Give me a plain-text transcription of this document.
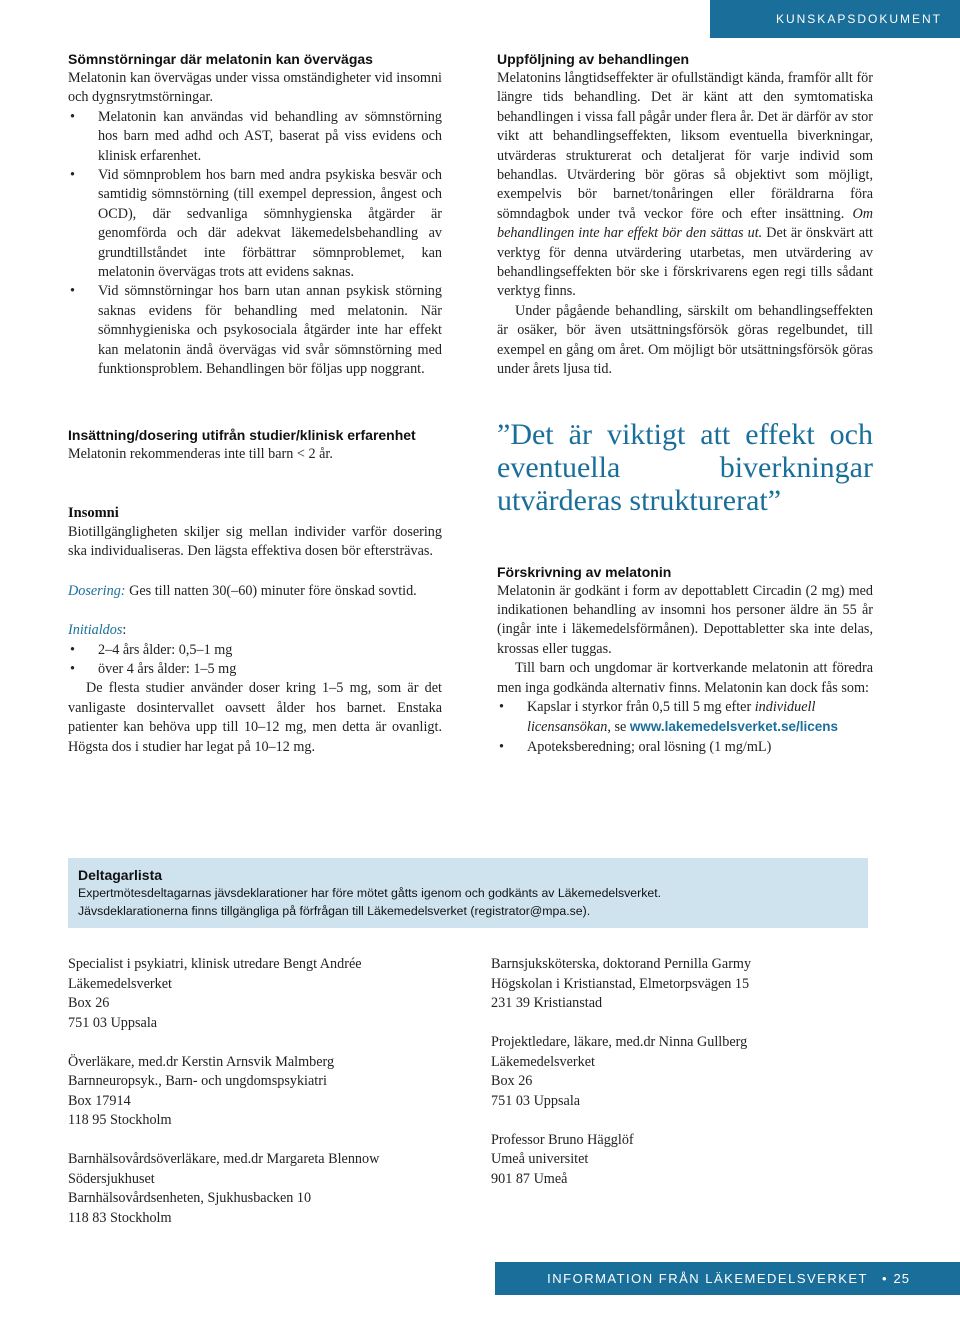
KUNSKAPSDOKUMENT
Sömnstörningar där melatonin kan övervägas

Melatonin kan övervägas under vissa omständigheter vid insomni och dygnsrytmstörningar.

• Melatonin kan användas vid behandling av sömnstörning hos barn med adhd och AST, baserat på viss evidens och klinisk erfarenhet.
• Vid sömnproblem hos barn med andra psykiska besvär och samtidig sömnstörning (till exempel depression, ångest och OCD), där sedvanliga sömnhygienska åtgärder är genomförda och där adekvat läkemedelsbehandling av grundtillståndet inte förbättrar sömnproblemet, kan melatonin övervägas trots att evidens saknas.
• Vid sömnstörningar hos barn utan annan psykisk störning saknas evidens för behandling med melatonin. När sömnhygieniska och psykosociala åtgärder inte har effekt kan melatonin ändå övervägas vid svår sömnstörning med funktionsproblem. Behandlingen bör följas upp noggrant.
Insättning/dosering utifrån studier/klinisk erfarenhet

Melatonin rekommenderas inte till barn < 2 år.

Insomni

Biotillgängligheten skiljer sig mellan individer varför dosering ska individualiseras. Den lägsta effektiva dosen bör eftersträvas.

Dosering: Ges till natten 30(–60) minuter före önskad sovtid.

Initialdos:

• 2–4 års ålder: 0,5–1 mg
• över 4 års ålder: 1–5 mg

De flesta studier använder doser kring 1–5 mg, som är det vanligaste dosintervallet oavsett ålder hos barnet. Enstaka patienter kan behöva upp till 10–12 mg, men detta är ovanligt. Högsta dos i studier har legat på 10–12 mg.

Uppföljning av behandlingen

Melatonins långtidseffekter är ofullständigt kända, framför allt för längre tids behandling. Det är känt att den symtomatiska behandlingen i vissa fall pågår under flera år. Det är därför av stor vikt att behandlingseffekten, liksom eventuella biverkningar, utvärderas strukturerat och detaljerat för varje individ som behandlas. Utvärdering bör göras så objektivt som möjligt, exempelvis bör barnet/tonåringen eller föräldrarna föra sömndagbok under två veckor före och efter insättning. Om behandlingen inte har effekt bör den sättas ut. Det är önskvärt att verktyg för denna utvärdering utarbetas, men utvärdering av behandlingseffekten bör ske i förskrivarens egen regi tills sådant verktyg finns.

Under pågående behandling, särskilt om behandlingseffekten är osäker, bör även utsättningsförsök göras regelbundet, till exempel en gång om året. Om möjligt bör utsättningsförsök göras under årets ljusa tid.

”Det är viktigt att effekt och eventuella biverkningar utvärderas strukturerat”

Förskrivning av melatonin

Melatonin är godkänt i form av depottablett Circadin (2 mg) med indikationen behandling av insomni hos personer äldre än 55 år (ingår inte i läkemedelsförmånen). Depottabletter ska inte delas, krossas eller tuggas.

Till barn och ungdomar är kortverkande melatonin att föredra men inga godkända alternativ finns. Melatonin kan dock fås som:

• Kapslar i styrkor från 0,5 till 5 mg efter individuell licensansökan, se www.lakemedelsverket.se/licens
• Apoteksberedning; oral lösning (1 mg/mL)
Deltagarlista
Expertmötesdeltagarnas jävsdeklarationer har före mötet gåtts igenom och godkänts av Läkemedelsverket.
Jävsdeklarationerna finns tillgängliga på förfrågan till Läkemedelsverket (registrator@mpa.se).
Specialist i psykiatri, klinisk utredare Bengt Andrée
Läkemedelsverket
Box 26
751 03 Uppsala
Överläkare, med.dr Kerstin Arnsvik Malmberg
Barnneuropsyk., Barn- och ungdomspsykiatri
Box 17914
118 95 Stockholm
Barnhälsovårdsöverläkare, med.dr Margareta Blennow
Södersjukhuset
Barnhälsovårdsenheten, Sjukhusbacken 10
118 83 Stockholm
Barnsjuksköterska, doktorand Pernilla Garmy
Högskolan i Kristianstad, Elmetorpsvägen 15
231 39 Kristianstad
Projektledare, läkare, med.dr Ninna Gullberg
Läkemedelsverket
Box 26
751 03 Uppsala
Professor Bruno Hägglöf
Umeå universitet
901 87 Umeå
INFORMATION FRÅN LÄKEMEDELSVERKET 2:2015
• 25
